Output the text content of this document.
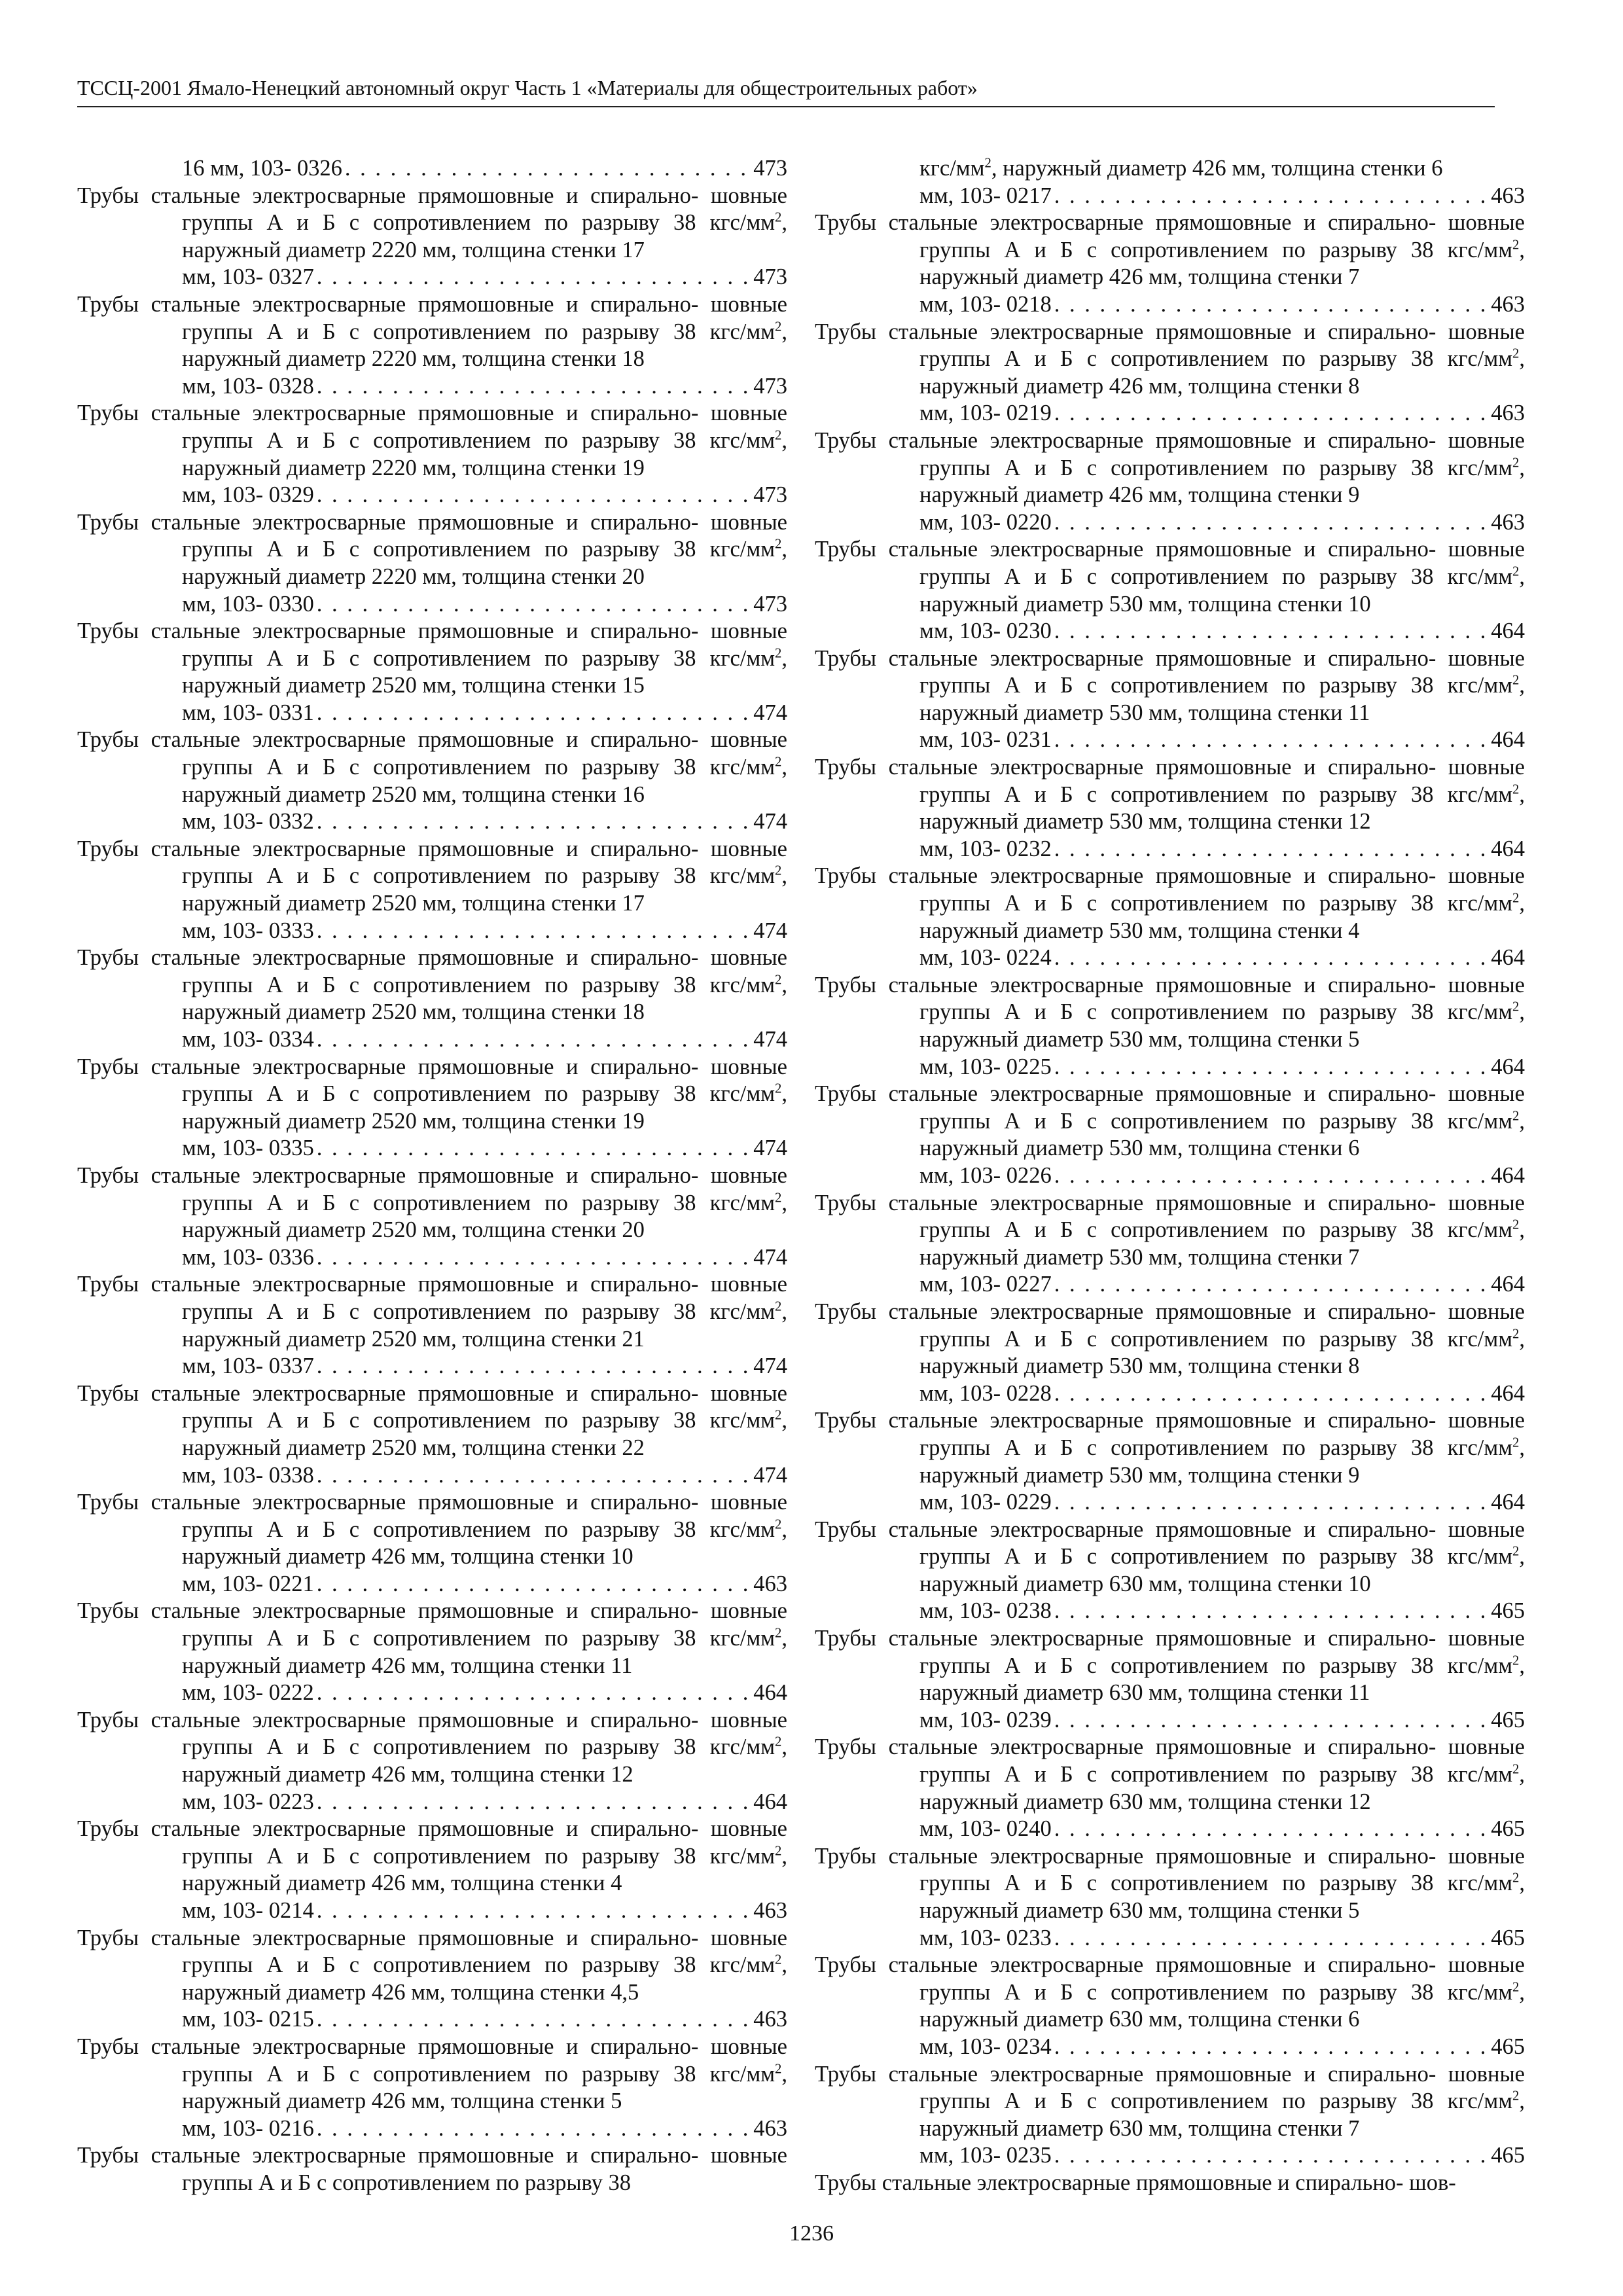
ТССЦ-2001 Ямало-Ненецкий автономный округ Часть 1 «Материалы для общестроительных работ»
16 мм, 103- 0326 . . .	473
Трубы стальные электросварные прямошовные и спирально- шовные группы А и Б с сопротивлением по разрыву 38 кгс/$мм^2$, наружный диаметр 2220 мм, толщина стенки 17
мм, 103- 0327 . . .	473
Трубы стальные электросварные прямошовные и спирально- шовные группы А и Б с сопротивлением по разрыву 38 кгс/$мм^2$, наружный диаметр 2220 мм, толщина стенки 18
мм, 103- 0328 . . .	473
Трубы стальные электросварные прямошовные и спирально- шовные группы А и Б с сопротивлением по разрыву 38 кгс/$мм^2$, наружный диаметр 2220 мм, толщина стенки 19
мм, 103- 0329 . . .	473
Трубы стальные электросварные прямошовные и спирально- шовные группы А и Б с сопротивлением по разрыву 38 кгс/$мм^2$, наружный диаметр 2220 мм, толщина стенки 20
мм, 103- 0330 . . .	473
Трубы стальные электросварные прямошовные и спирально- шовные группы А и Б с сопротивлением по разрыву 38 кгс/$мм^2$, наружный диаметр 2520 мм, толщина стенки 15
мм, 103- 0331 . . .	474
Трубы стальные электросварные прямошовные и спирально- шовные группы А и Б с сопротивлением по разрыву 38 кгс/$мм^2$, наружный диаметр 2520 мм, толщина стенки 16
мм, 103- 0332 . . .	474
Трубы стальные электросварные прямошовные и спирально- шовные группы А и Б с сопротивлением по разрыву 38 кгс/$мм^2$, наружный диаметр 2520 мм, толщина стенки 17
мм, 103- 0333 . . .	474
Трубы стальные электросварные прямошовные и спирально- шовные группы А и Б с сопротивлением по разрыву 38 кгс/$мм^2$, наружный диаметр 2520 мм, толщина стенки 18
мм, 103- 0334 . . .	474
Трубы стальные электросварные прямошовные и спирально- шовные группы А и Б с сопротивлением по разрыву 38 кгс/$мм^2$, наружный диаметр 2520 мм, толщина стенки 19
мм, 103- 0335 . . .	474
Трубы стальные электросварные прямошовные и спирально- шовные группы А и Б с сопротивлением по разрыву 38 кгс/$мм^2$, наружный диаметр 2520 мм, толщина стенки 20
мм, 103- 0336 . . .	474
Трубы стальные электросварные прямошовные и спирально- шовные группы А и Б с сопротивлением по разрыву 38 кгс/$мм^2$, наружный диаметр 2520 мм, толщина стенки 21
мм, 103- 0337 . . .	474
Трубы стальные электросварные прямошовные и спирально- шовные группы А и Б с сопротивлением по разрыву 38 кгс/$мм^2$, наружный диаметр 2520 мм, толщина стенки 22
мм, 103- 0338 . . .	474
Трубы стальные электросварные прямошовные и спирально- шовные группы А и Б с сопротивлением по разрыву 38 кгс/$мм^2$, наружный диаметр 426 мм, толщина стенки 10
мм, 103- 0221 . . .	463
Трубы стальные электросварные прямошовные и спирально- шовные группы А и Б с сопротивлением по разрыву 38 кгс/$мм^2$, наружный диаметр 426 мм, толщина стенки 11
мм, 103- 0222 . . .	464
Трубы стальные электросварные прямошовные и спирально- шовные группы А и Б с сопротивлением по разрыву 38 кгс/$мм^2$, наружный диаметр 426 мм, толщина стенки 12
мм, 103- 0223 . . .	464
Трубы стальные электросварные прямошовные и спирально- шовные группы А и Б с сопротивлением по разрыву 38 кгс/$мм^2$, наружный диаметр 426 мм, толщина стенки 4
мм, 103- 0214 . . .	463
Трубы стальные электросварные прямошовные и спирально- шовные группы А и Б с сопротивлением по разрыву 38 кгс/$мм^2$, наружный диаметр 426 мм, толщина стенки 4,5
мм, 103- 0215 . . .	463
Трубы стальные электросварные прямошовные и спирально- шовные группы А и Б с сопротивлением по разрыву 38 кгс/$мм^2$, наружный диаметр 426 мм, толщина стенки 5
мм, 103- 0216 . . .	463
Трубы стальные электросварные прямошовные и спирально- шовные группы А и Б с сопротивлением по разрыву 38
кгс/$мм^2$, наружный диаметр 426 мм, толщина стенки 6
мм, 103- 0217 . . .	463
Трубы стальные электросварные прямошовные и спирально- шовные группы А и Б с сопротивлением по разрыву 38 кгс/$мм^2$, наружный диаметр 426 мм, толщина стенки 7
мм, 103- 0218 . . .	463
Трубы стальные электросварные прямошовные и спирально- шовные группы А и Б с сопротивлением по разрыву 38 кгс/$мм^2$, наружный диаметр 426 мм, толщина стенки 8
мм, 103- 0219 . . .	463
Трубы стальные электросварные прямошовные и спирально- шовные группы А и Б с сопротивлением по разрыву 38 кгс/$мм^2$, наружный диаметр 426 мм, толщина стенки 9
мм, 103- 0220 . . .	463
Трубы стальные электросварные прямошовные и спирально- шовные группы А и Б с сопротивлением по разрыву 38 кгс/$мм^2$, наружный диаметр 530 мм, толщина стенки 10
мм, 103- 0230 . . .	464
Трубы стальные электросварные прямошовные и спирально- шовные группы А и Б с сопротивлением по разрыву 38 кгс/$мм^2$, наружный диаметр 530 мм, толщина стенки 11
мм, 103- 0231 . . .	464
Трубы стальные электросварные прямошовные и спирально- шовные группы А и Б с сопротивлением по разрыву 38 кгс/$мм^2$, наружный диаметр 530 мм, толщина стенки 12
мм, 103- 0232 . . .	464
Трубы стальные электросварные прямошовные и спирально- шовные группы А и Б с сопротивлением по разрыву 38 кгс/$мм^2$, наружный диаметр 530 мм, толщина стенки 4
мм, 103- 0224 . . .	464
Трубы стальные электросварные прямошовные и спирально- шовные группы А и Б с сопротивлением по разрыву 38 кгс/$мм^2$, наружный диаметр 530 мм, толщина стенки 5
мм, 103- 0225 . . .	464
Трубы стальные электросварные прямошовные и спирально- шовные группы А и Б с сопротивлением по разрыву 38 кгс/$мм^2$, наружный диаметр 530 мм, толщина стенки 6
мм, 103- 0226 . . .	464
Трубы стальные электросварные прямошовные и спирально- шовные группы А и Б с сопротивлением по разрыву 38 кгс/$мм^2$, наружный диаметр 530 мм, толщина стенки 7
мм, 103- 0227 . . .	464
Трубы стальные электросварные прямошовные и спирально- шовные группы А и Б с сопротивлением по разрыву 38 кгс/$мм^2$, наружный диаметр 530 мм, толщина стенки 8
мм, 103- 0228 . . .	464
Трубы стальные электросварные прямошовные и спирально- шовные группы А и Б с сопротивлением по разрыву 38 кгс/$мм^2$, наружный диаметр 530 мм, толщина стенки 9
мм, 103- 0229 . . .	464
Трубы стальные электросварные прямошовные и спирально- шовные группы А и Б с сопротивлением по разрыву 38 кгс/$мм^2$, наружный диаметр 630 мм, толщина стенки 10
мм, 103- 0238 . . .	465
Трубы стальные электросварные прямошовные и спирально- шовные группы А и Б с сопротивлением по разрыву 38 кгс/$мм^2$, наружный диаметр 630 мм, толщина стенки 11
мм, 103- 0239 . . .	465
Трубы стальные электросварные прямошовные и спирально- шовные группы А и Б с сопротивлением по разрыву 38 кгс/$мм^2$, наружный диаметр 630 мм, толщина стенки 12
мм, 103- 0240 . . .	465
Трубы стальные электросварные прямошовные и спирально- шовные группы А и Б с сопротивлением по разрыву 38 кгс/$мм^2$, наружный диаметр 630 мм, толщина стенки 5
мм, 103- 0233 . . .	465
Трубы стальные электросварные прямошовные и спирально- шовные группы А и Б с сопротивлением по разрыву 38 кгс/$мм^2$, наружный диаметр 630 мм, толщина стенки 6
мм, 103- 0234 . . .	465
Трубы стальные электросварные прямошовные и спирально- шовные группы А и Б с сопротивлением по разрыву 38 кгс/$мм^2$, наружный диаметр 630 мм, толщина стенки 7
мм, 103- 0235 . . .	465
Трубы стальные электросварные прямошовные и спирально- шов-
1236
